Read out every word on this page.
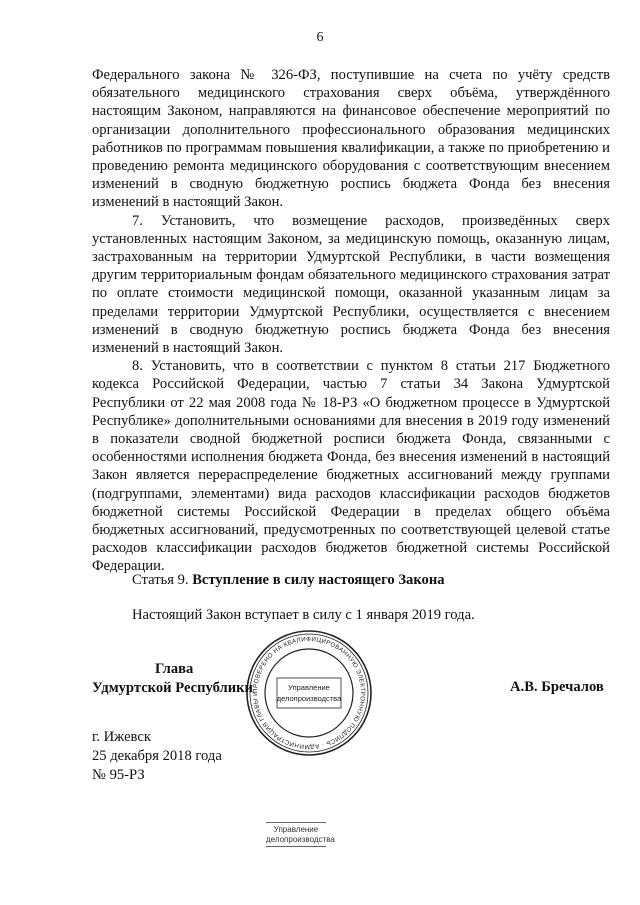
6

Федерального закона № 326-ФЗ, поступившие на счета по учёту средств обязательного медицинского страхования сверх объёма, утверждённого настоящим Законом, направляются на финансовое обеспечение мероприятий по организации дополнительного профессионального образования медицинских работников по программам повышения квалификации, а также по приобретению и проведению ремонта медицинского оборудования с соответствующим внесением изменений в сводную бюджетную роспись бюджета Фонда без внесения изменений в настоящий Закон.

7. Установить, что возмещение расходов, произведённых сверх установленных настоящим Законом, за медицинскую помощь, оказанную лицам, застрахованным на территории Удмуртской Республики, в части возмещения другим территориальным фондам обязательного медицинского страхования затрат по оплате стоимости медицинской помощи, оказанной указанным лицам за пределами территории Удмуртской Республики, осуществляется с внесением изменений в сводную бюджетную роспись бюджета Фонда без внесения изменений в настоящий Закон.

8. Установить, что в соответствии с пунктом 8 статьи 217 Бюджетного кодекса Российской Федерации, частью 7 статьи 34 Закона Удмуртской Республики от 22 мая 2008 года № 18-РЗ «О бюджетном процессе в Удмуртской Республике» дополнительными основаниями для внесения в 2019 году изменений в показатели сводной бюджетной росписи бюджета Фонда, связанными с особенностями исполнения бюджета Фонда, без внесения изменений в настоящий Закон является перераспределение бюджетных ассигнований между группами (подгруппами, элементами) вида расходов классификации расходов бюджетов бюджетной системы Российской Федерации в пределах общего объёма бюджетных ассигнований, предусмотренных по соответствующей целевой статье расходов классификации расходов бюджетов бюджетной системы Российской Федерации.

Статья 9. Вступление в силу настоящего Закона
Настоящий Закон вступает в силу с 1 января 2019 года.
ПРОВЕРЕНО НА КВАЛИФИЦИРОВАННУЮ ЭЛЕКТРОННУЮ ПОДПИСЬ · АДМИНИСТРАЦИЯ ГЛАВЫ И
Управление
делопроизводства
Глава
Удмуртской Республики	А.В. Бречалов
г. Ижевск
25 декабря 2018 года
№ 95-РЗ
Управление
делопроизводства
